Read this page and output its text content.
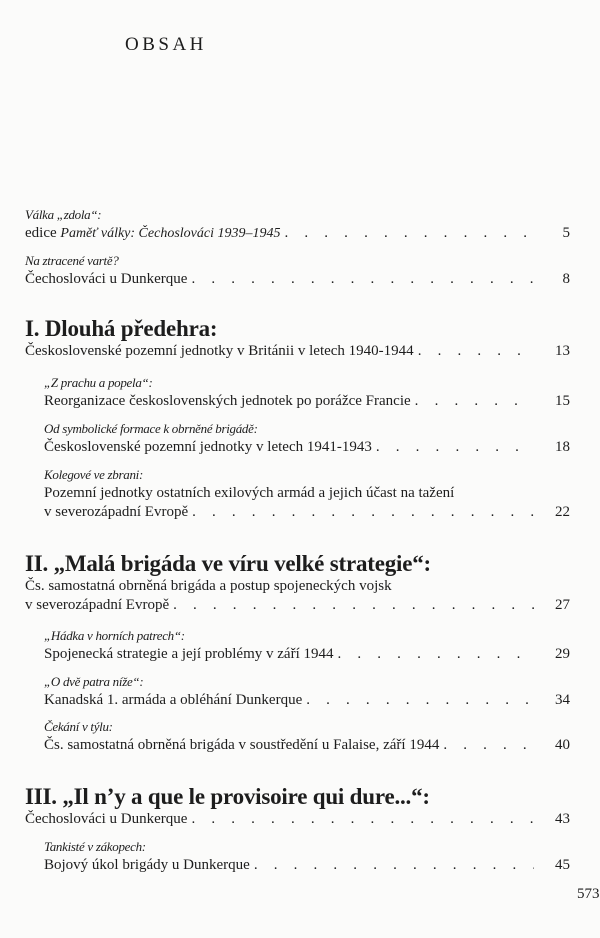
OBSAH
Válka „zdola“:
edice Paměť války: Čechoslováci 1939–1945 . . .	5
Na ztracené vartě?
Čechoslováci u Dunkerque . . .	8
I. Dlouhá předehra:
Československé pozemní jednotky v Británii v letech 1940-1944 . . .	13
„Z prachu a popela“:
Reorganizace československých jednotek po porážce Francie . . .	15
Od symbolické formace k obrněné brigádě:
Československé pozemní jednotky v letech 1941-1943 . . .	18
Kolegové ve zbrani:
Pozemní jednotky ostatních exilových armád a jejich účast na tažení
v severozápadní Evropě . . .	22
II. „Malá brigáda ve víru velké strategie“:
Čs. samostatná obrněná brigáda a postup spojeneckých vojsk
v severozápadní Evropě . . .	27
„Hádka v horních patrech“:
Spojenecká strategie a její problémy v září 1944 . . .	29
„O dvě patra níže“:
Kanadská 1. armáda a obléhání Dunkerque . . .	34
Čekání v týlu:
Čs. samostatná obrněná brigáda v soustředění u Falaise, září 1944 . . .	40
III. „Il n’y a que le provisoire qui dure...“:
Čechoslováci u Dunkerque . . .	43
Tankisté v zákopech:
Bojový úkol brigády u Dunkerque . . .	45
573
